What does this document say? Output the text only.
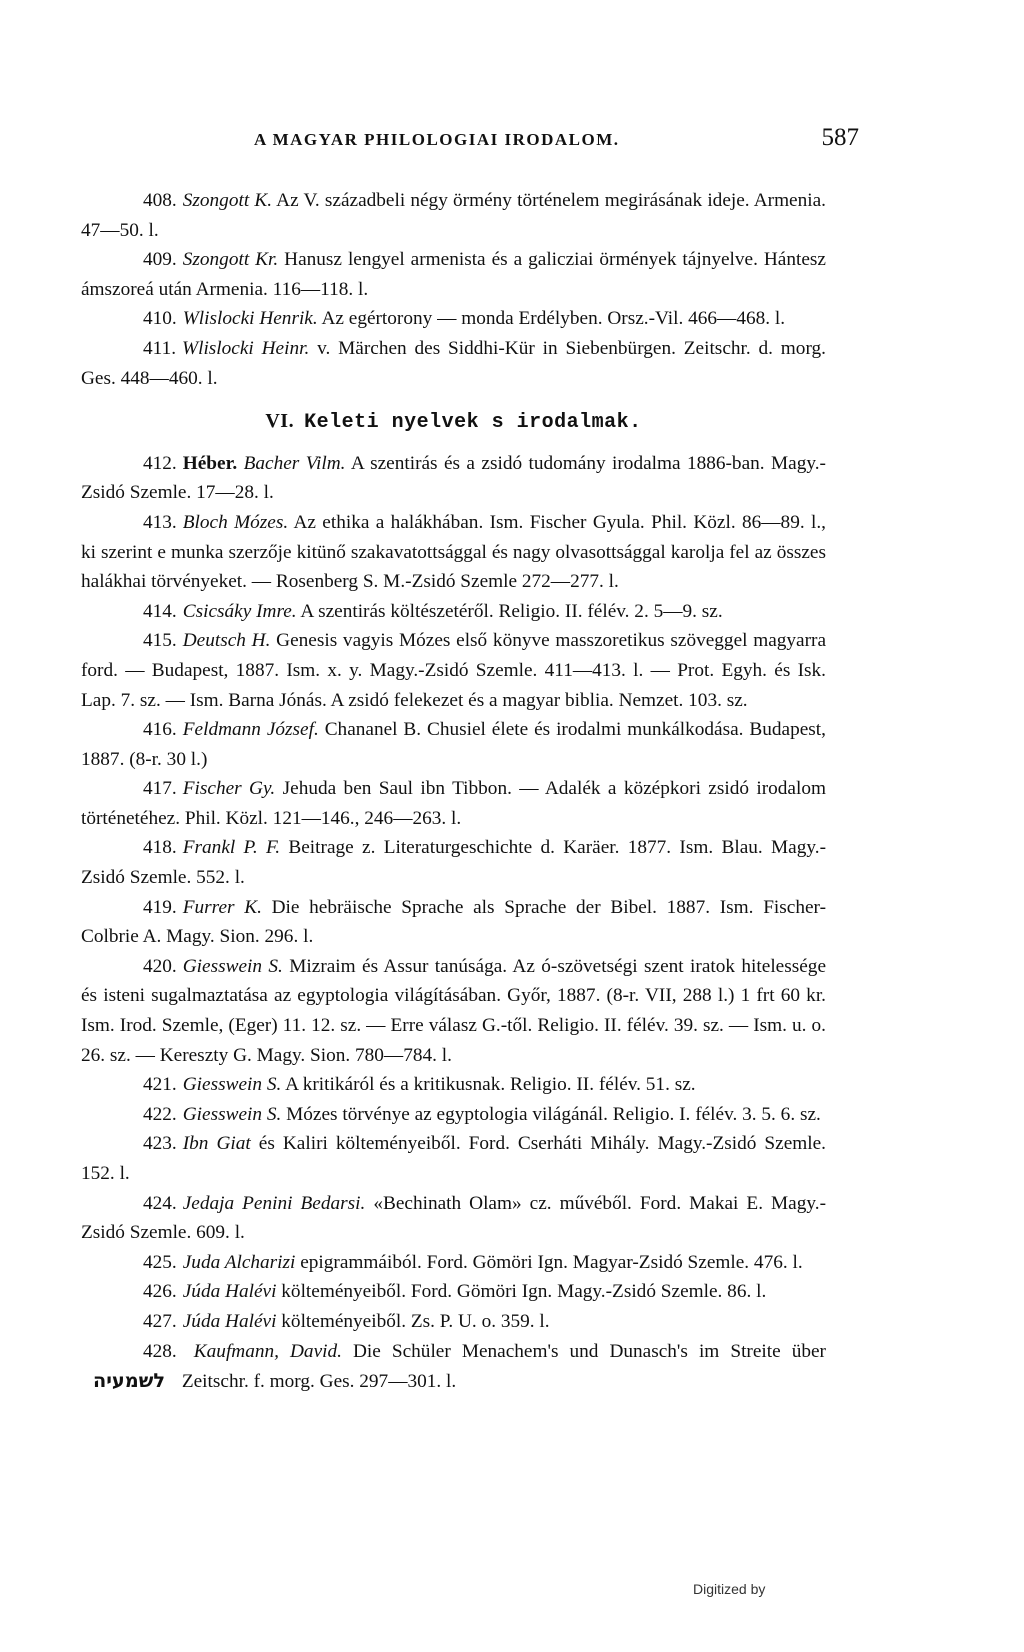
A MAGYAR PHILOLOGIAI IRODALOM.	587

408. Szongott K. Az V. századbeli négy örmény történelem megirásának ideje. Armenia. 47—50. l.

409. Szongott Kr. Hanusz lengyel armenista és a galicziai örmények tájnyelve. Hántesz ámszoreá után Armenia. 116—118. l.

410. Wlislocki Henrik. Az egértorony — monda Erdélyben. Orsz.-Vil. 466—468. l.

411. Wlislocki Heinr. v. Märchen des Siddhi-Kür in Siebenbürgen. Zeitschr. d. morg. Ges. 448—460. l.

VI. Keleti nyelvek s irodalmak.

412. Héber. Bacher Vilm. A szentirás és a zsidó tudomány irodalma 1886-ban. Magy.-Zsidó Szemle. 17—28. l.

413. Bloch Mózes. Az ethika a halákhában. Ism. Fischer Gyula. Phil. Közl. 86—89. l., ki szerint e munka szerzője kitünő szakavatottsággal és nagy olvasottsággal karolja fel az összes halákhai törvényeket. — Rosenberg S. M.-Zsidó Szemle 272—277. l.

414. Csicsáky Imre. A szentirás költészetéről. Religio. II. félév. 2. 5—9. sz.

415. Deutsch H. Genesis vagyis Mózes első könyve masszoretikus szöveggel magyarra ford. — Budapest, 1887. Ism. x. y. Magy.-Zsidó Szemle. 411—413. l. — Prot. Egyh. és Isk. Lap. 7. sz. — Ism. Barna Jónás. A zsidó felekezet és a magyar biblia. Nemzet. 103. sz.

416. Feldmann József. Chananel B. Chusiel élete és irodalmi munkálkodása. Budapest, 1887. (8-r. 30 l.)

417. Fischer Gy. Jehuda ben Saul ibn Tibbon. — Adalék a középkori zsidó irodalom történetéhez. Phil. Közl. 121—146., 246—263. l.

418. Frankl P. F. Beitrage z. Literaturgeschichte d. Karäer. 1877. Ism. Blau. Magy.-Zsidó Szemle. 552. l.

419. Furrer K. Die hebräische Sprache als Sprache der Bibel. 1887. Ism. Fischer-Colbrie A. Magy. Sion. 296. l.

420. Giesswein S. Mizraim és Assur tanúsága. Az ó-szövetségi szent iratok hitelessége és isteni sugalmaztatása az egyptologia világításában. Győr, 1887. (8-r. VII, 288 l.) 1 frt 60 kr. Ism. Irod. Szemle, (Eger) 11. 12. sz. — Erre válasz G.-től. Religio. II. félév. 39. sz. — Ism. u. o. 26. sz. — Kereszty G. Magy. Sion. 780—784. l.

421. Giesswein S. A kritikáról és a kritikusnak. Religio. II. félév. 51. sz.

422. Giesswein S. Mózes törvénye az egyptologia világánál. Religio. I. félév. 3. 5. 6. sz.

423. Ibn Giat és Kaliri költeményeiből. Ford. Cserháti Mihály. Magy.-Zsidó Szemle. 152. l.

424. Jedaja Penini Bedarsi. «Bechinath Olam» cz. művéből. Ford. Makai E. Magy.-Zsidó Szemle. 609. l.

425. Juda Alcharizi epigrammáiból. Ford. Gömöri Ign. Magyar-Zsidó Szemle. 476. l.

426. Júda Halévi költeményeiből. Ford. Gömöri Ign. Magy.-Zsidó Szemle. 86. l.

427. Júda Halévi költeményeiből. Zs. P. U. o. 359. l.

428. Kaufmann, David. Die Schüler Menachem's und Dunasch's im Streite über לשמעיה Zeitschr. f. morg. Ges. 297—301. l.

Digitized by
